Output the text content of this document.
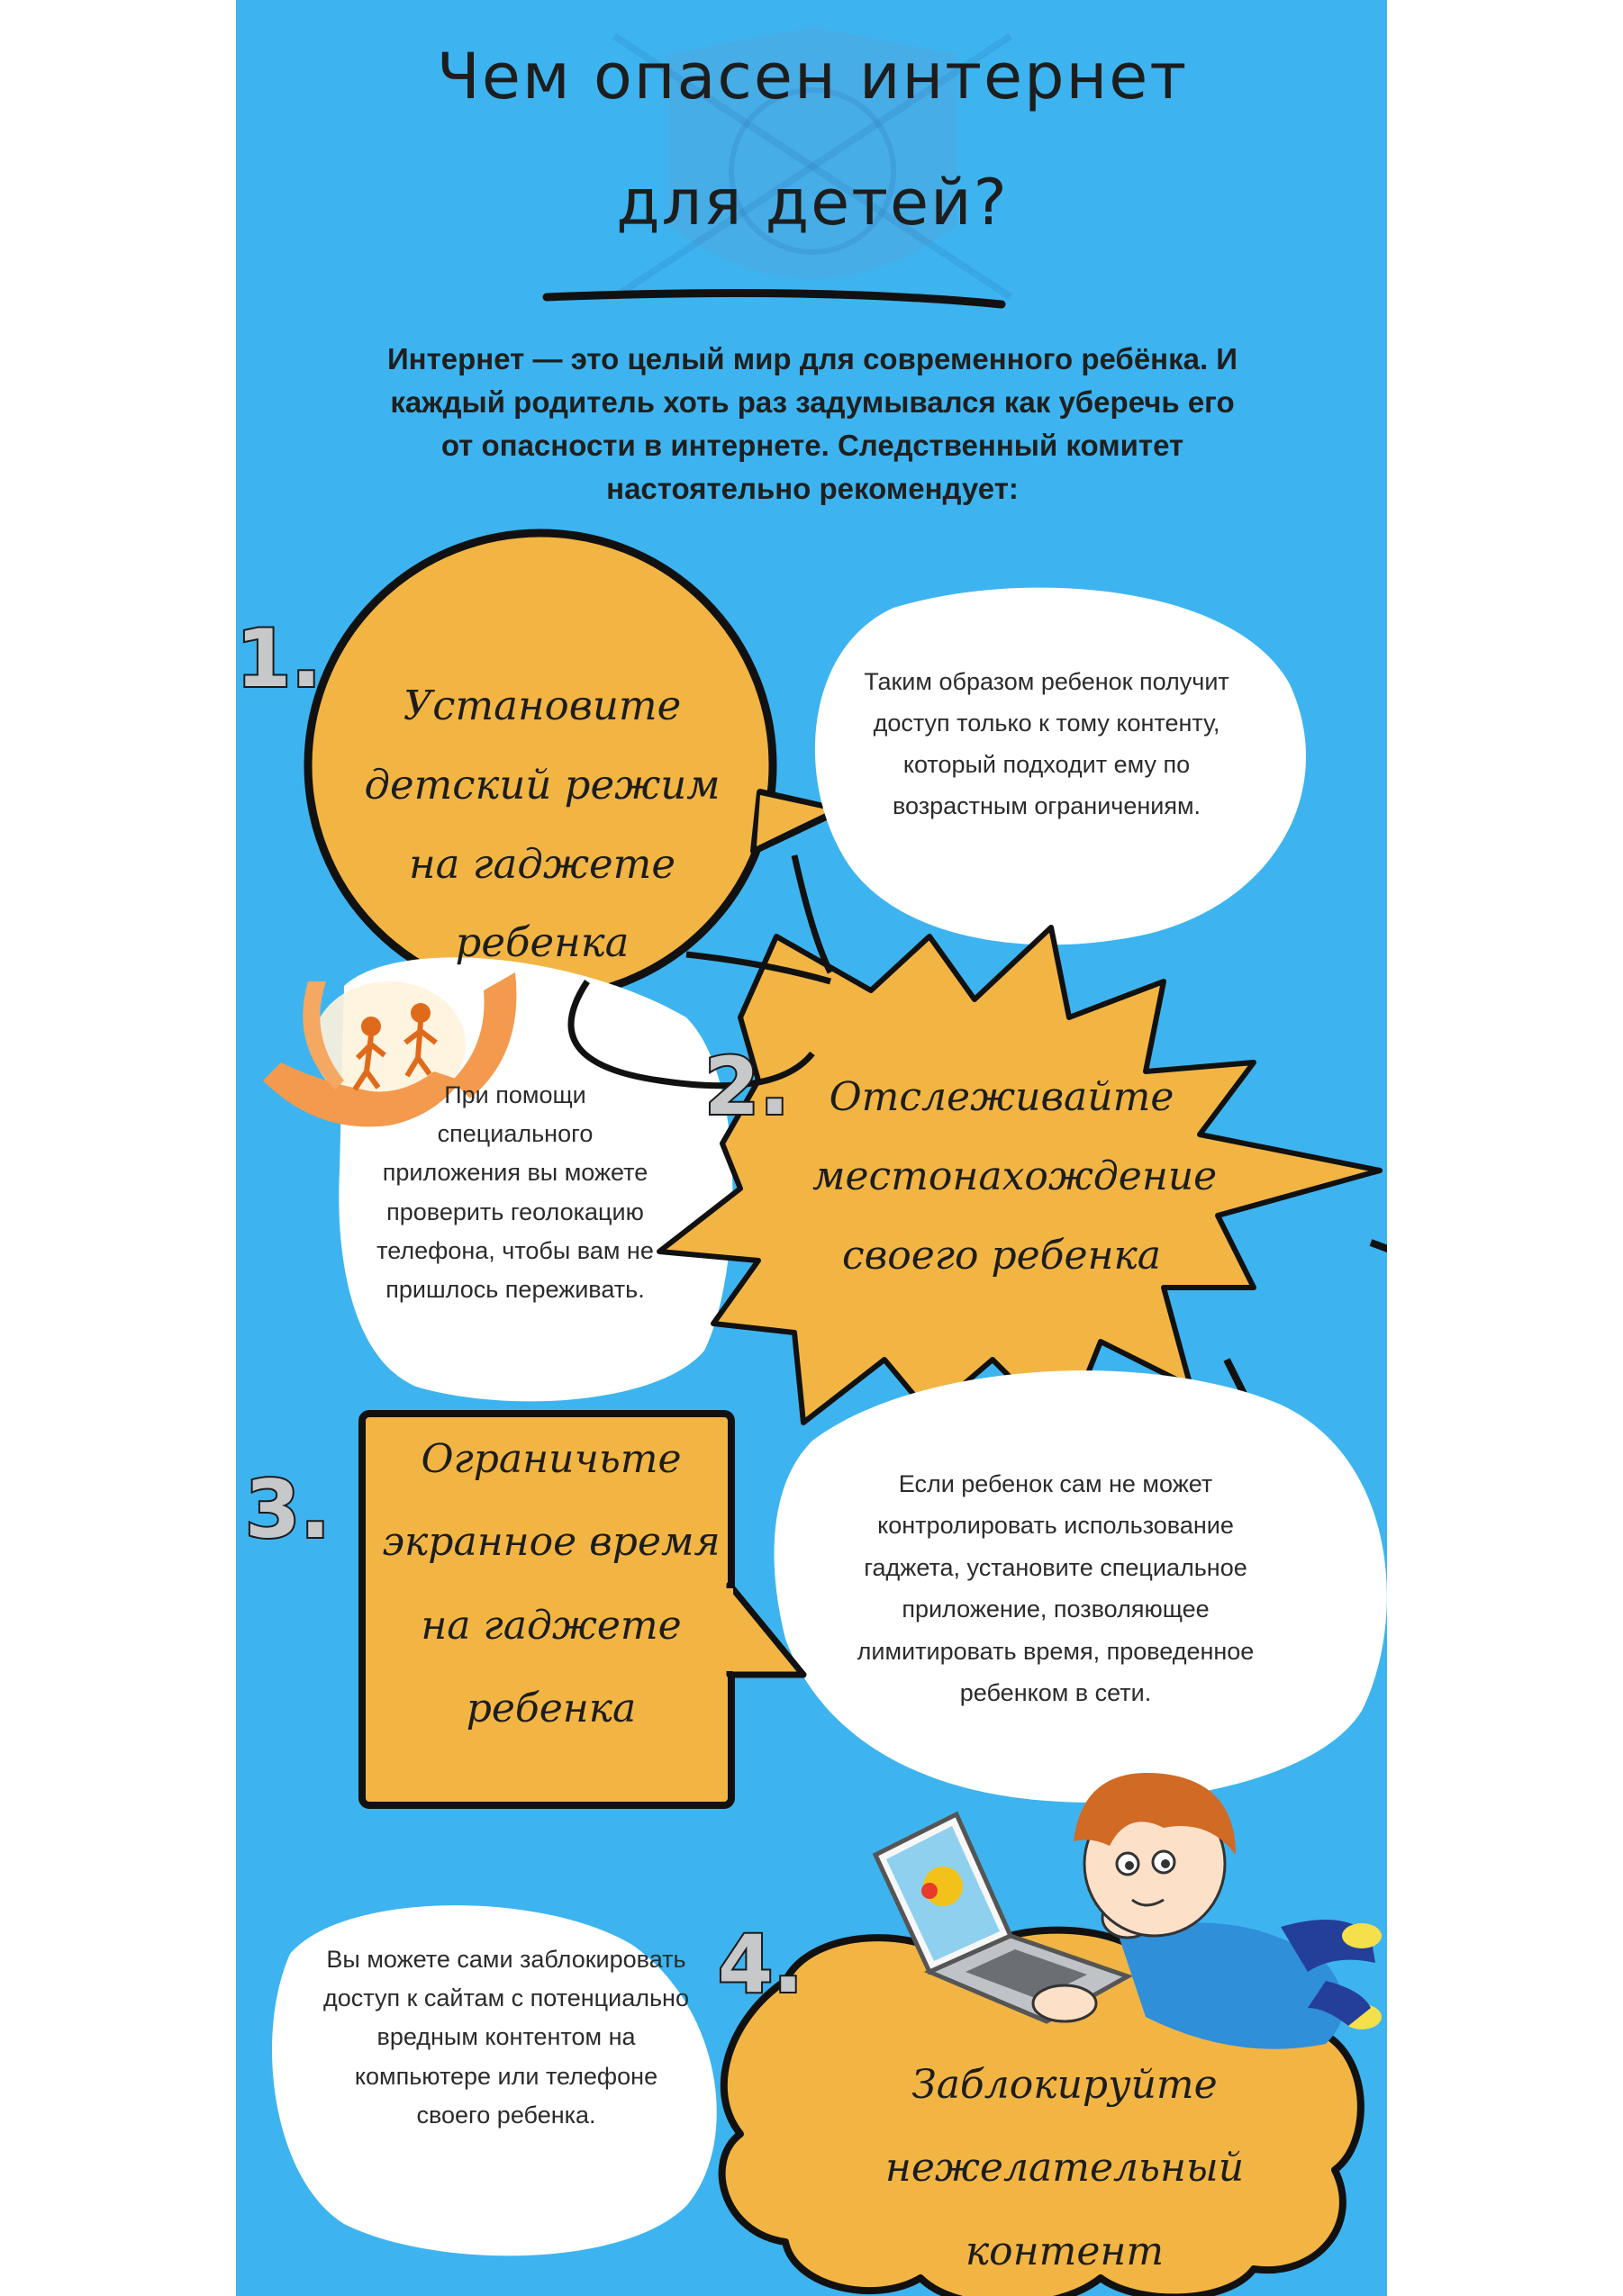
Чем опасен интернет
для детей?
Интернет — это целый мир для современного ребёнка. И каждый родитель хоть раз задумывался как уберечь его от опасности в интернете. Следственный комитет настоятельно рекомендует:
1.
2.
3.
4.
Установите детский режим на гаджете ребенка
Таким образом ребенок получит доступ только к тому контенту, который подходит ему по возрастным ограничениям.
При помощи специального приложения вы можете проверить геолокацию телефона, чтобы вам не пришлось переживать.
Отслеживайте местонахождение своего ребенка
Ограничьте экранное время на гаджете ребенка
Если ребенок сам не может контролировать использование гаджета, установите специальное приложение, позволяющее лимитировать время, проведенное ребенком в сети.
Вы можете сами заблокировать доступ к сайтам с потенциально вредным контентом на компьютере или телефоне своего ребенка.
Заблокируйте нежелательный контент
